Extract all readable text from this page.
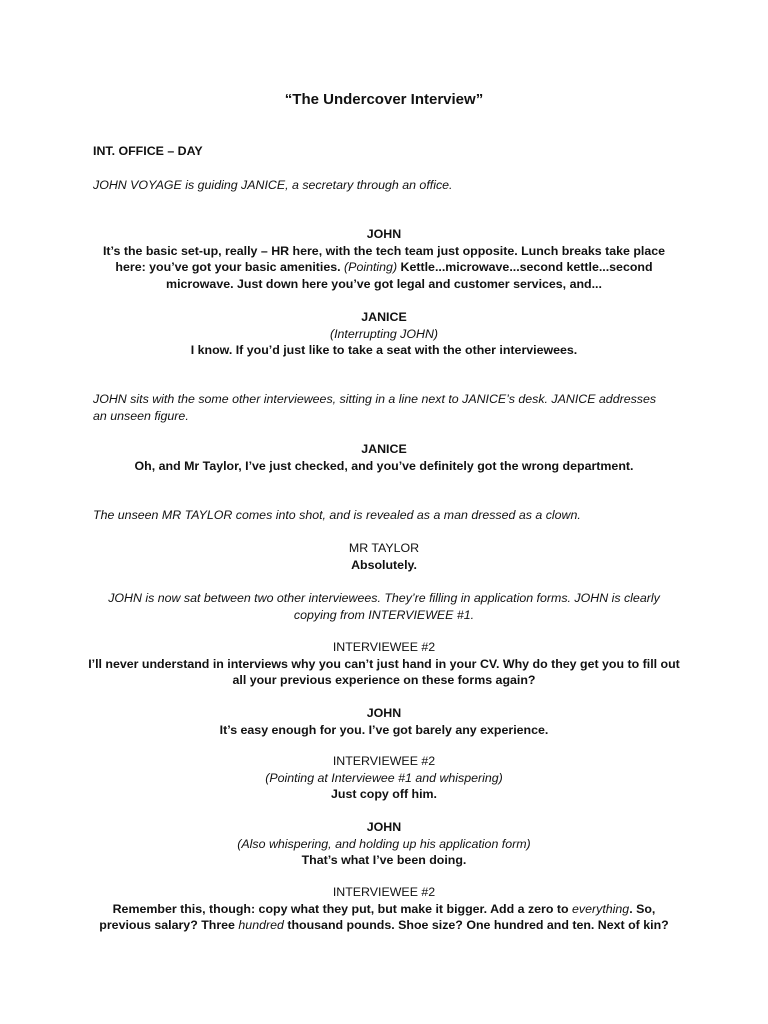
“The Undercover Interview”
INT. OFFICE – DAY
JOHN VOYAGE is guiding JANICE, a secretary through an office.

JOHN

It’s the basic set-up, really – HR here, with the tech team just opposite. Lunch breaks take place

here: you’ve got your basic amenities. (Pointing) Kettle...microwave...second kettle...second

microwave. Just down here you’ve got legal and customer services, and...

JANICE

(Interrupting JOHN)

I know. If you’d just like to take a seat with the other interviewees.

JOHN sits with the some other interviewees, sitting in a line next to JANICE’s desk. JANICE addresses

an unseen figure.

JANICE

Oh, and Mr Taylor, I’ve just checked, and you’ve definitely got the wrong department.

The unseen MR TAYLOR comes into shot, and is revealed as a man dressed as a clown.

MR TAYLOR

Absolutely.

JOHN is now sat between two other interviewees. They’re filling in application forms. JOHN is clearly

copying from INTERVIEWEE #1.

INTERVIEWEE #2

I’ll never understand in interviews why you can’t just hand in your CV. Why do they get you to fill out

all your previous experience on these forms again?

JOHN

It’s easy enough for you. I’ve got barely any experience.

INTERVIEWEE #2

(Pointing at Interviewee #1 and whispering)

Just copy off him.

JOHN

(Also whispering, and holding up his application form)

That’s what I’ve been doing.

INTERVIEWEE #2

Remember this, though: copy what they put, but make it bigger. Add a zero to everything. So,

previous salary? Three hundred thousand pounds. Shoe size? One hundred and ten. Next of kin?
